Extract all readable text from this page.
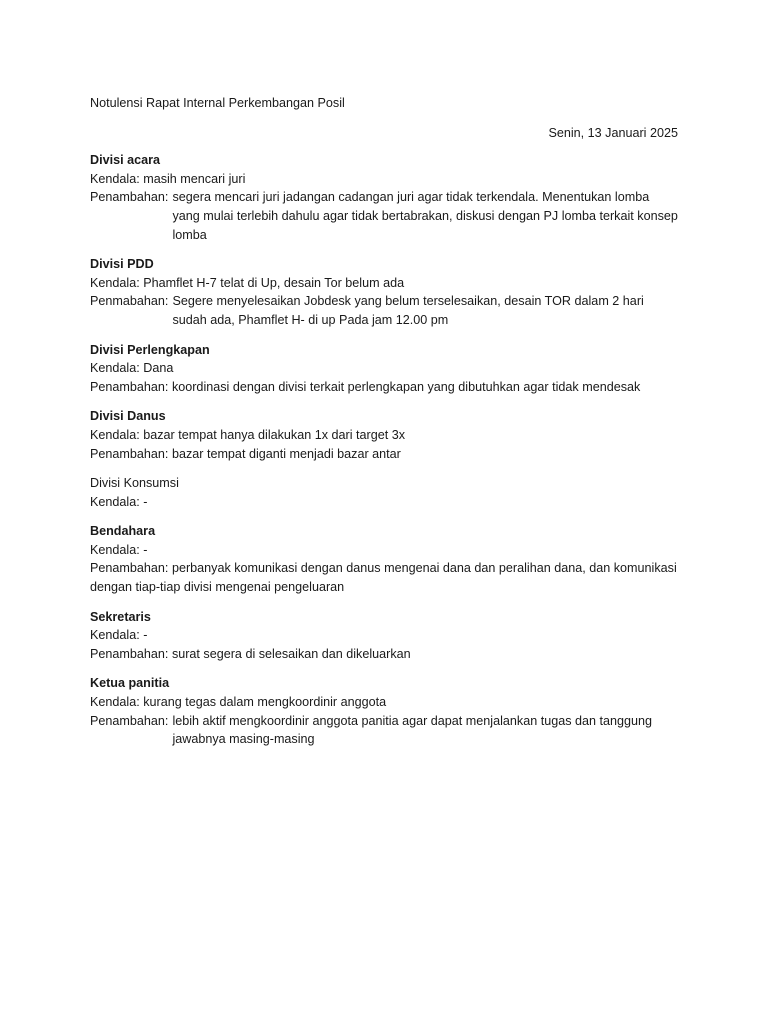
Notulensi Rapat Internal Perkembangan Posil
Senin, 13 Januari 2025
Divisi acara
Kendala: masih mencari juri
Penambahan: segera mencari juri jadangan cadangan juri agar tidak terkendala. Menentukan lomba yang mulai terlebih dahulu agar tidak bertabrakan, diskusi dengan PJ lomba terkait konsep lomba
Divisi PDD
Kendala: Phamflet H-7 telat di Up, desain Tor belum ada
Penmabahan: Segere menyelesaikan Jobdesk yang belum terselesaikan, desain TOR dalam 2 hari sudah ada, Phamflet H- di up Pada jam 12.00 pm
Divisi Perlengkapan
Kendala: Dana
Penambahan: koordinasi dengan divisi terkait perlengkapan yang dibutuhkan agar tidak mendesak
Divisi Danus
Kendala: bazar tempat hanya dilakukan 1x dari target 3x
Penambahan: bazar tempat diganti menjadi bazar antar
Divisi Konsumsi
Kendala: -
Bendahara
Kendala: -
Penambahan: perbanyak komunikasi dengan danus mengenai dana dan peralihan dana, dan komunikasi dengan tiap-tiap divisi mengenai pengeluaran
Sekretaris
Kendala: -
Penambahan: surat segera di selesaikan dan dikeluarkan
Ketua panitia
Kendala: kurang tegas dalam mengkoordinir anggota
Penambahan: lebih aktif mengkoordinir anggota panitia agar dapat menjalankan tugas dan tanggung jawabnya masing-masing
